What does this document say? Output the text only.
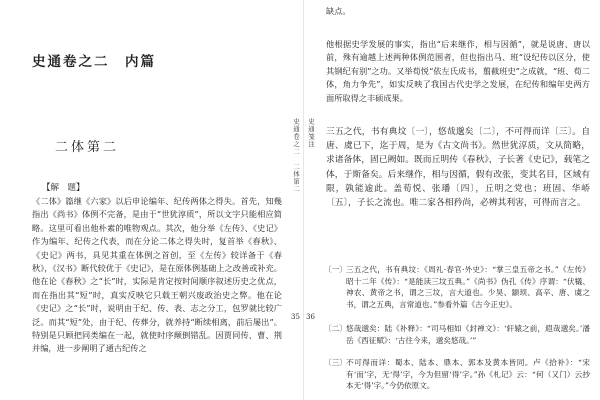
史通卷之二　内篇
二体第二
【解　题】

《二体》篇继《六家》以后申论编年、纪传两体之得失。首先，知幾指出《尚书》体例不完备，是由于“世犹淳质”，所以文字只能相应简略。这里可看出他朴素的唯物观点。其次，他分举《左传》、《史记》作为编年、纪传之代表，而在分论二体之得失时，复首举《春秋》、《史记》两书，具见其重在体例之首创，至《左传》较详备于《春秋》，《汉书》断代较优于《史记》，是在原体例基础上之改善或补充。他在论《春秋》之“长”时，实际是肯定按时间顺序叙述历史之优点，而在指出其“短”时，真实反映它只载王朝兴废政治史之弊。他在论《史记》之“长”时，说明由于纪、传、表、志之分工，包罗就比较广泛。而其“短”处，由于纪、传葬分，就养持“断续相离，前后屡出”。特别是只顾把同类编在一起，就使时序颠倒错乱。因贾同传、曹、荆并编，进一步阐明了通古纪传之

史通卷之二　二体第二 史通笺注
35 36

缺点。

他根据史学发展的事实，指出“后来继作，相与因循”，就是说唐、唐以前，殊有逾越上述两种体例范围者，但也指出马、班“设纪传以区分，使其钢纪有别”之功。又举荀悦“依左氏成书，翦截班史”之成就，“班、荀二体，角力争先”，如实反映了我国古代史学之发展，在纪传和编年史两方面所取得之丰硕成果。

三五之代，书有典坟〔一〕，悠哉邈矣〔二〕，不可得而详〔三〕。自唐、虞已下，迄于周，是为《古文尚书》。然世犹淳质，文从简略，求诸备体，固已阙如。既而丘明传《春秋》，子长著《史记》，载笔之体，于斯备矣。后来继作，相与因循，假有改张，变其名目，区域有限，孰能逾此。盖荀悦、张璠〔四〕，丘明之党也；班固、华峤〔五〕，子长之流也。唯二家各相矜尚，必辨其利害，可得而言之。

〔一〕 三五之代，书有典坟：《周礼·春官·外史》：“掌三皇五帝之书。”《左传》昭十二年《传》：“是能读三坟五典。”《尚书》伪孔《传》序谓：“伏犠、神农、黄帝之书，谓之三坟，言大道也。少昊、颛顼、高辛、唐、虞之书，谓之五典，言常道也。”参看外篇《古今正史》。
〔二〕 悠哉邈矣：陆《补释》：“司马相如《封禅文》：‘轩辕之前，遐哉邈矣。’潘岳《西征赋》：‘古往今来，邈矣悠哉。’”
〔三〕 不可得而详：蜀本、陆本、鼎本、郭本及黄本皆同。卢《拾补》：“宋有‘而’字，无‘得’字，今为但留‘得’字。”孙《札记》云：“何（又门）云抄本无‘得’字。”今仍依原文。
